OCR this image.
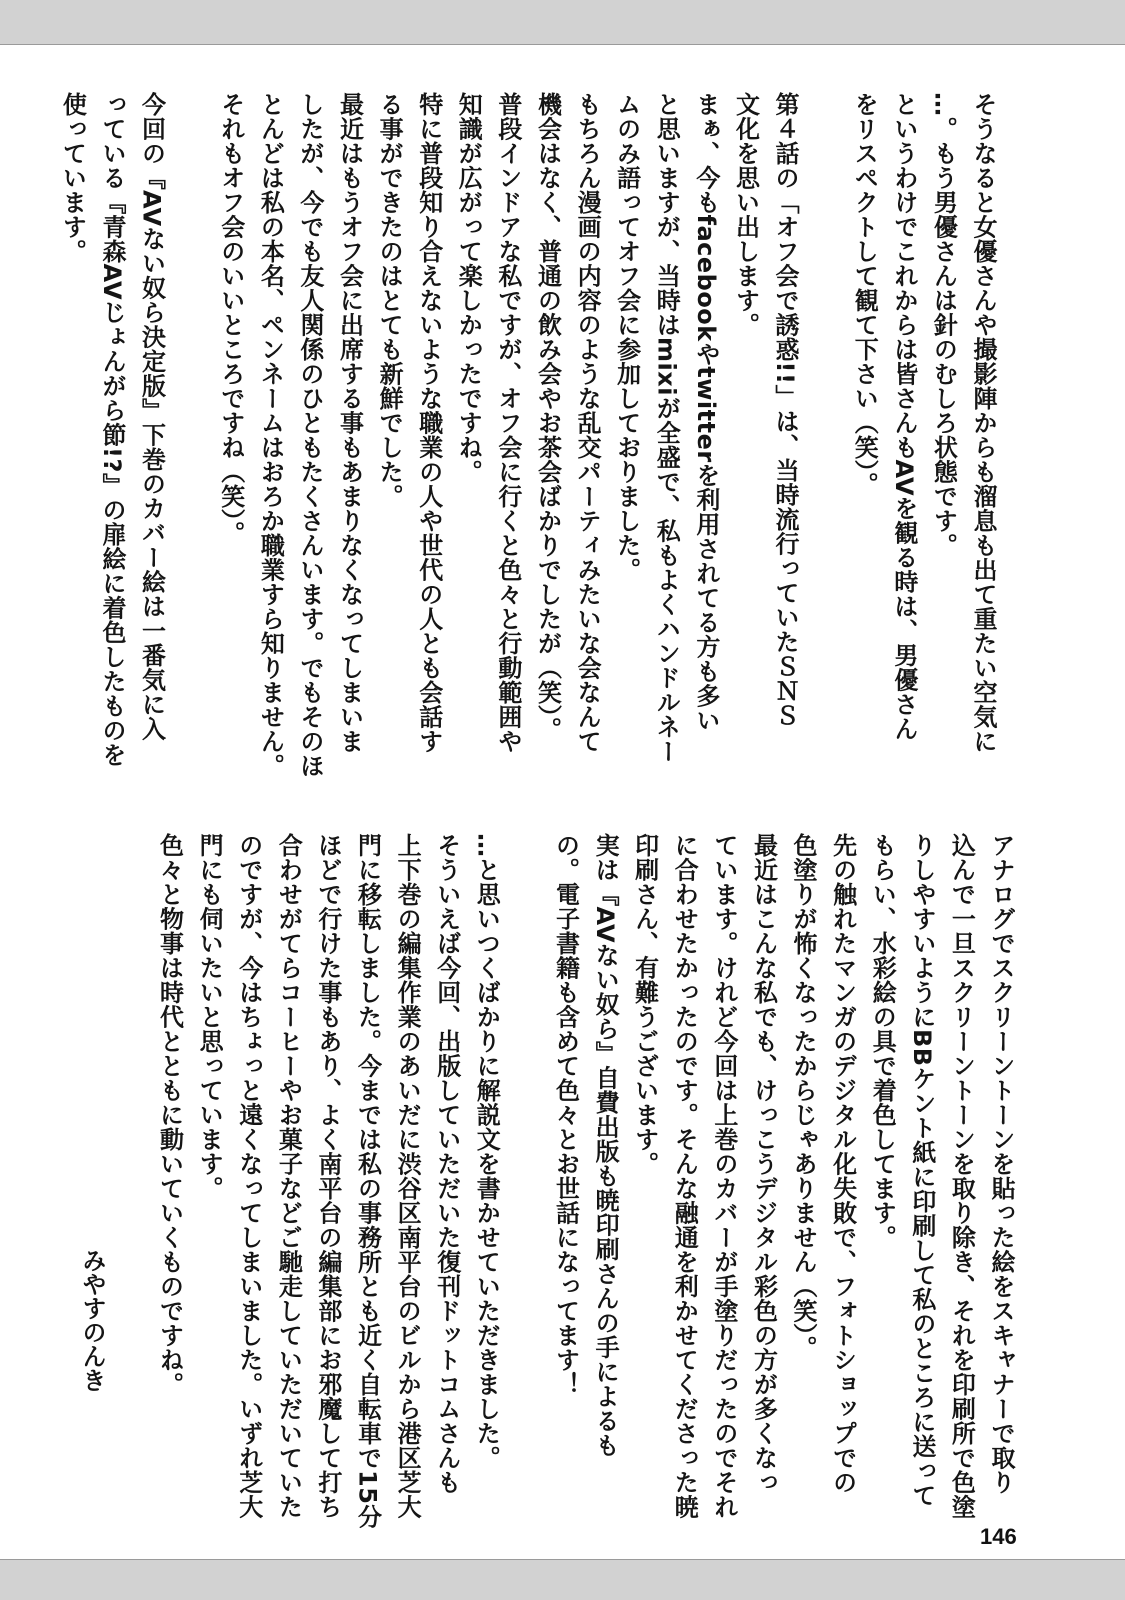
そうなると女優さんや撮影陣からも溜息も出て重たい空気に

…。もう男優さんは針のむしろ状態です。

というわけでこれからは皆さんもAVを観る時は、男優さん

をリスペクトして観て下さい（笑）。

第４話の「オフ会で誘惑!!」は、当時流行っていたＳＮＳ

文化を思い出します。

まぁ、今もfacebookやtwitterを利用されてる方も多い

と思いますが、当時はmixiが全盛で、私もよくハンドルネー

ムのみ語ってオフ会に参加しておりました。

もちろん漫画の内容のような乱交パーティみたいな会なんて

機会はなく、普通の飲み会やお茶会ばかりでしたが（笑）。

普段インドアな私ですが、オフ会に行くと色々と行動範囲や

知識が広がって楽しかったですね。

特に普段知り合えないような職業の人や世代の人とも会話す

る事ができたのはとても新鮮でした。

最近はもうオフ会に出席する事もあまりなくなってしまいま

したが、今でも友人関係のひともたくさんいます。でもそのほ

とんどは私の本名、ペンネームはおろか職業すら知りません。

それもオフ会のいいところですね（笑）。

今回の『AVない奴ら決定版』下巻のカバー絵は一番気に入

っている『青森AVじょんがら節!?』の扉絵に着色したものを

使っています。

アナログでスクリーントーンを貼った絵をスキャナーで取り

込んで一旦スクリーントーンを取り除き、それを印刷所で色塗

りしやすいようにBBケント紙に印刷して私のところに送って

もらい、水彩絵の具で着色してます。

先の触れたマンガのデジタル化失敗で、フォトショップでの

色塗りが怖くなったからじゃありません（笑）。

最近はこんな私でも、けっこうデジタル彩色の方が多くなっ

ています。けれど今回は上巻のカバーが手塗りだったのでそれ

に合わせたかったのです。そんな融通を利かせてくださった暁

印刷さん、有難うございます。

実は『AVない奴ら』自費出版も暁印刷さんの手によるも

の。電子書籍も含めて色々とお世話になってます！

…と思いつくばかりに解説文を書かせていただきました。

そういえば今回、出版していただいた復刊ドットコムさんも

上下巻の編集作業のあいだに渋谷区南平台のビルから港区芝大

門に移転しました。今までは私の事務所とも近く自転車で15分

ほどで行けた事もあり、よく南平台の編集部にお邪魔して打ち

合わせがてらコーヒーやお菓子などご馳走していただいていた

のですが、今はちょっと遠くなってしまいました。いずれ芝大

門にも伺いたいと思っています。

色々と物事は時代とともに動いていくものですね。

みやすのんき

146
